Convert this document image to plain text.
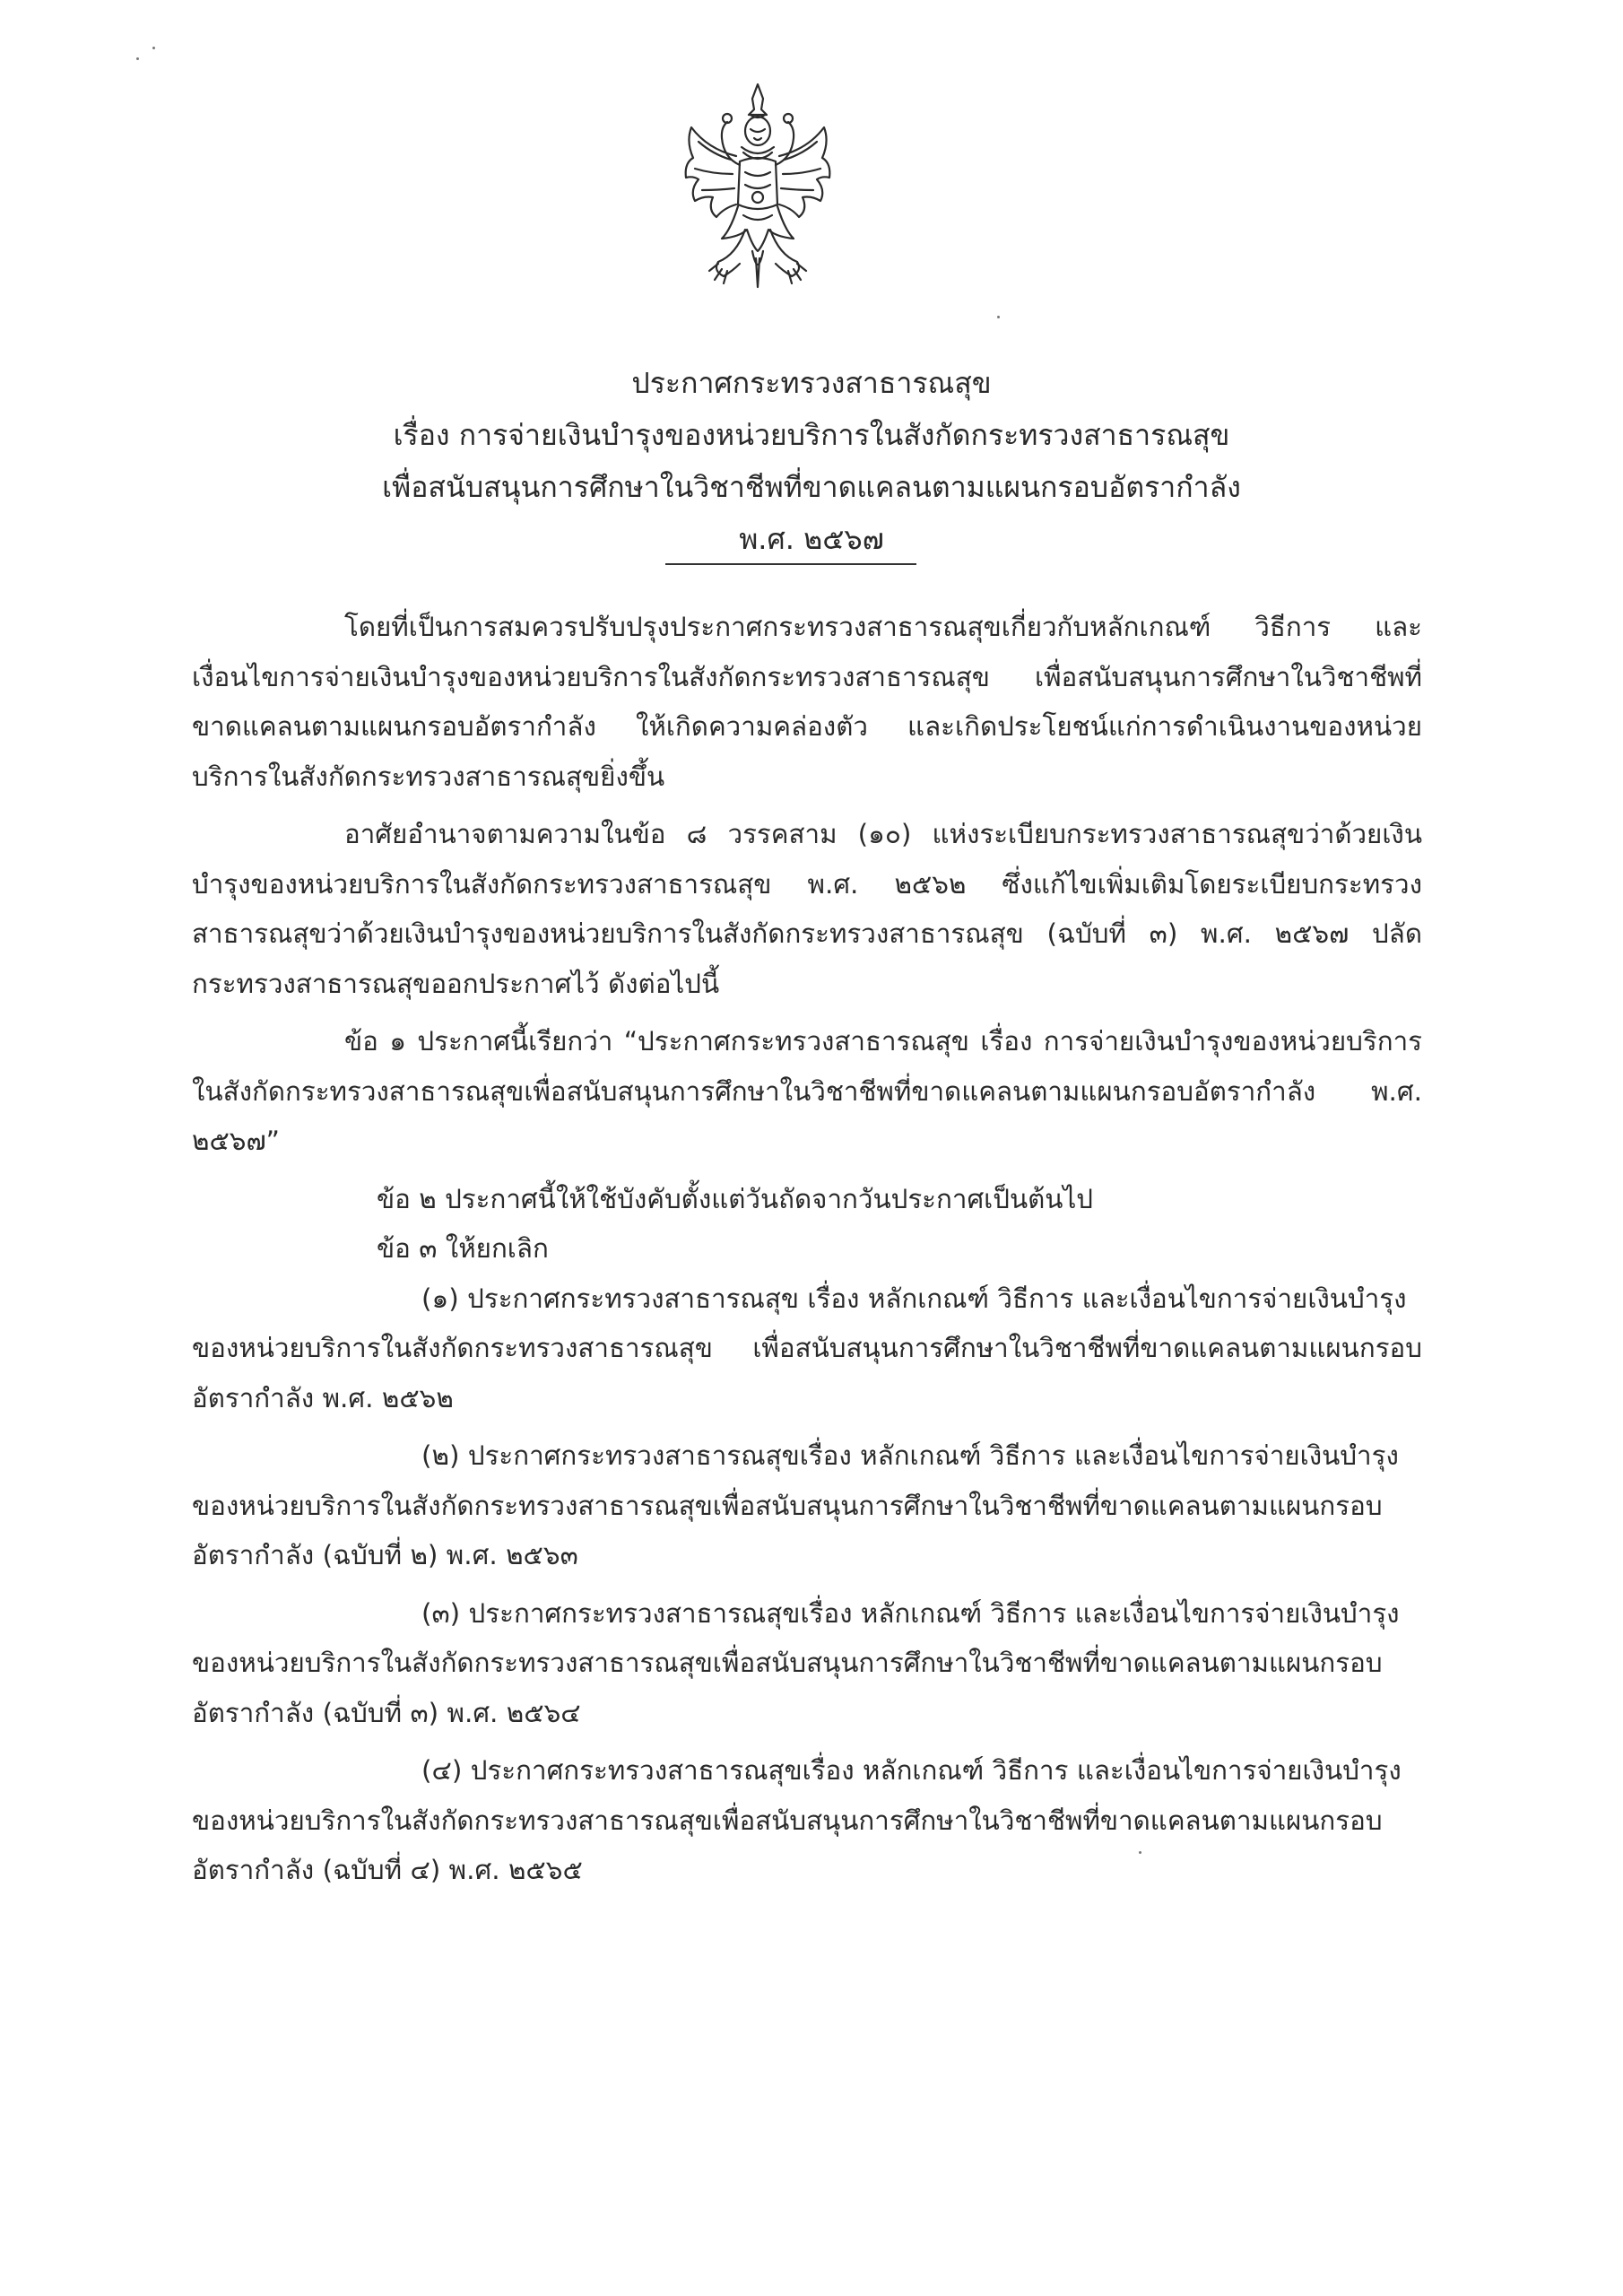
ประกาศกระทรวงสาธารณสุข
เรื่อง การจ่ายเงินบำรุงของหน่วยบริการในสังกัดกระทรวงสาธารณสุข
เพื่อสนับสนุนการศึกษาในวิชาชีพที่ขาดแคลนตามแผนกรอบอัตรากำลัง
พ.ศ. ๒๕๖๗

โดยที่เป็นการสมควรปรับปรุงประกาศกระทรวงสาธารณสุขเกี่ยวกับหลักเกณฑ์ วิธีการ และเงื่อนไขการจ่ายเงินบำรุงของหน่วยบริการในสังกัดกระทรวงสาธารณสุข เพื่อสนับสนุนการศึกษาในวิชาชีพที่ขาดแคลนตามแผนกรอบอัตรากำลัง ให้เกิดความคล่องตัว และเกิดประโยชน์แก่การดำเนินงานของหน่วยบริการในสังกัดกระทรวงสาธารณสุขยิ่งขึ้น

อาศัยอำนาจตามความในข้อ ๘ วรรคสาม (๑๐) แห่งระเบียบกระทรวงสาธารณสุขว่าด้วยเงินบำรุงของหน่วยบริการในสังกัดกระทรวงสาธารณสุข พ.ศ. ๒๕๖๒ ซึ่งแก้ไขเพิ่มเติมโดยระเบียบกระทรวงสาธารณสุขว่าด้วยเงินบำรุงของหน่วยบริการในสังกัดกระทรวงสาธารณสุข (ฉบับที่ ๓) พ.ศ. ๒๕๖๗ ปลัดกระทรวงสาธารณสุขออกประกาศไว้ ดังต่อไปนี้

ข้อ ๑ ประกาศนี้เรียกว่า “ประกาศกระทรวงสาธารณสุข เรื่อง การจ่ายเงินบำรุงของหน่วยบริการในสังกัดกระทรวงสาธารณสุขเพื่อสนับสนุนการศึกษาในวิชาชีพที่ขาดแคลนตามแผนกรอบอัตรากำลัง พ.ศ. ๒๕๖๗”

ข้อ ๒ ประกาศนี้ให้ใช้บังคับตั้งแต่วันถัดจากวันประกาศเป็นต้นไป
ข้อ ๓ ให้ยกเลิก
(๑) ประกาศกระทรวงสาธารณสุข เรื่อง หลักเกณฑ์ วิธีการ และเงื่อนไขการจ่ายเงินบำรุง
ของหน่วยบริการในสังกัดกระทรวงสาธารณสุข เพื่อสนับสนุนการศึกษาในวิชาชีพที่ขาดแคลนตามแผนกรอบอัตรากำลัง พ.ศ. ๒๕๖๒
(๒) ประกาศกระทรวงสาธารณสุขเรื่อง หลักเกณฑ์ วิธีการ และเงื่อนไขการจ่ายเงินบำรุง
ของหน่วยบริการในสังกัดกระทรวงสาธารณสุขเพื่อสนับสนุนการศึกษาในวิชาชีพที่ขาดแคลนตามแผนกรอบอัตรากำลัง (ฉบับที่ ๒) พ.ศ. ๒๕๖๓
(๓) ประกาศกระทรวงสาธารณสุขเรื่อง หลักเกณฑ์ วิธีการ และเงื่อนไขการจ่ายเงินบำรุง
ของหน่วยบริการในสังกัดกระทรวงสาธารณสุขเพื่อสนับสนุนการศึกษาในวิชาชีพที่ขาดแคลนตามแผนกรอบอัตรากำลัง (ฉบับที่ ๓) พ.ศ. ๒๕๖๔
(๔) ประกาศกระทรวงสาธารณสุขเรื่อง หลักเกณฑ์ วิธีการ และเงื่อนไขการจ่ายเงินบำรุง
ของหน่วยบริการในสังกัดกระทรวงสาธารณสุขเพื่อสนับสนุนการศึกษาในวิชาชีพที่ขาดแคลนตามแผนกรอบอัตรากำลัง (ฉบับที่ ๔) พ.ศ. ๒๕๖๕
